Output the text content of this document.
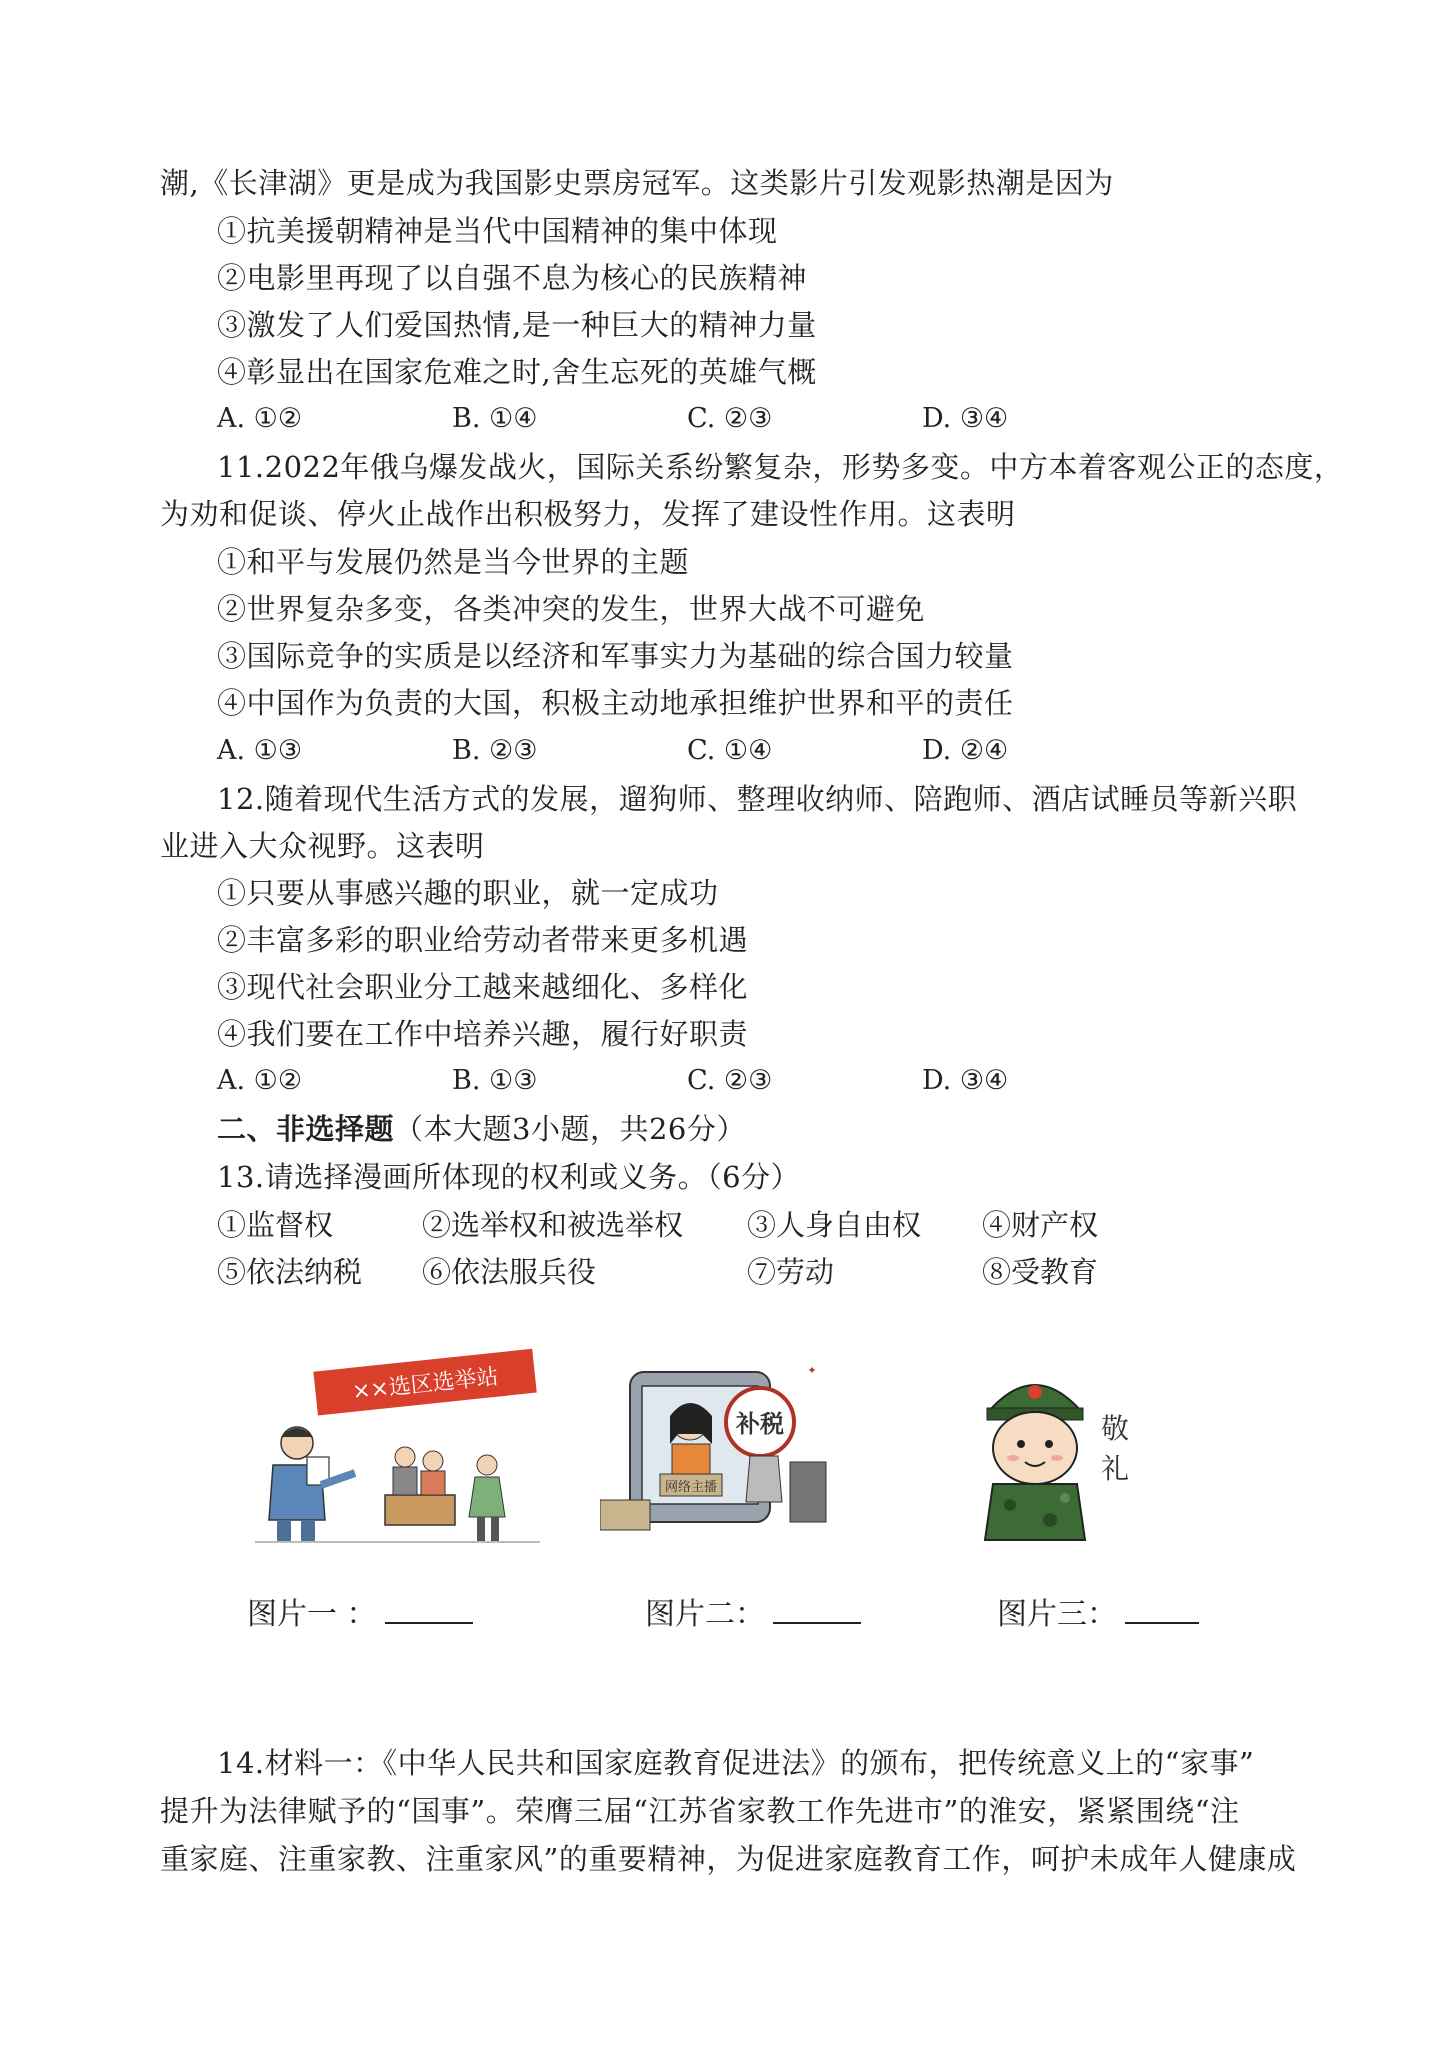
潮,《长津湖》更是成为我国影史票房冠军。这类影片引发观影热潮是因为
①抗美援朝精神是当代中国精神的集中体现
②电影里再现了以自强不息为核心的民族精神
③激发了人们爱国热情,是一种巨大的精神力量
④彰显出在国家危难之时,舍生忘死的英雄气概
A. ①②	B. ①④	C. ②③	D. ③④
11.2022年俄乌爆发战火，国际关系纷繁复杂，形势多变。中方本着客观公正的态度，
为劝和促谈、停火止战作出积极努力，发挥了建设性作用。这表明
①和平与发展仍然是当今世界的主题
②世界复杂多变，各类冲突的发生，世界大战不可避免
③国际竞争的实质是以经济和军事实力为基础的综合国力较量
④中国作为负责的大国，积极主动地承担维护世界和平的责任
A. ①③	B. ②③	C. ①④	D. ②④
12.随着现代生活方式的发展，遛狗师、整理收纳师、陪跑师、酒店试睡员等新兴职
业进入大众视野。这表明
①只要从事感兴趣的职业，就一定成功
②丰富多彩的职业给劳动者带来更多机遇
③现代社会职业分工越来越细化、多样化
④我们要在工作中培养兴趣，履行好职责
A. ①②	B. ①③	C. ②③	D. ③④
二、非选择题（本大题3小题，共26分）
13.请选择漫画所体现的权利或义务。（6分）
①监督权	②选举权和被选举权 ③人身自由权 ④财产权
⑤依法纳税 ⑥依法服兵役	⑦劳动	⑧受教育
××选区选举站
网络主播
补税
✦
敬
礼
图片一 ：	图片二：	图片三：
14.材料一：《中华人民共和国家庭教育促进法》的颁布，把传统意义上的“家事”
提升为法律赋予的“国事”。荣膺三届“江苏省家教工作先进市”的淮安，紧紧围绕“注
重家庭、注重家教、注重家风”的重要精神，为促进家庭教育工作，呵护未成年人健康成
